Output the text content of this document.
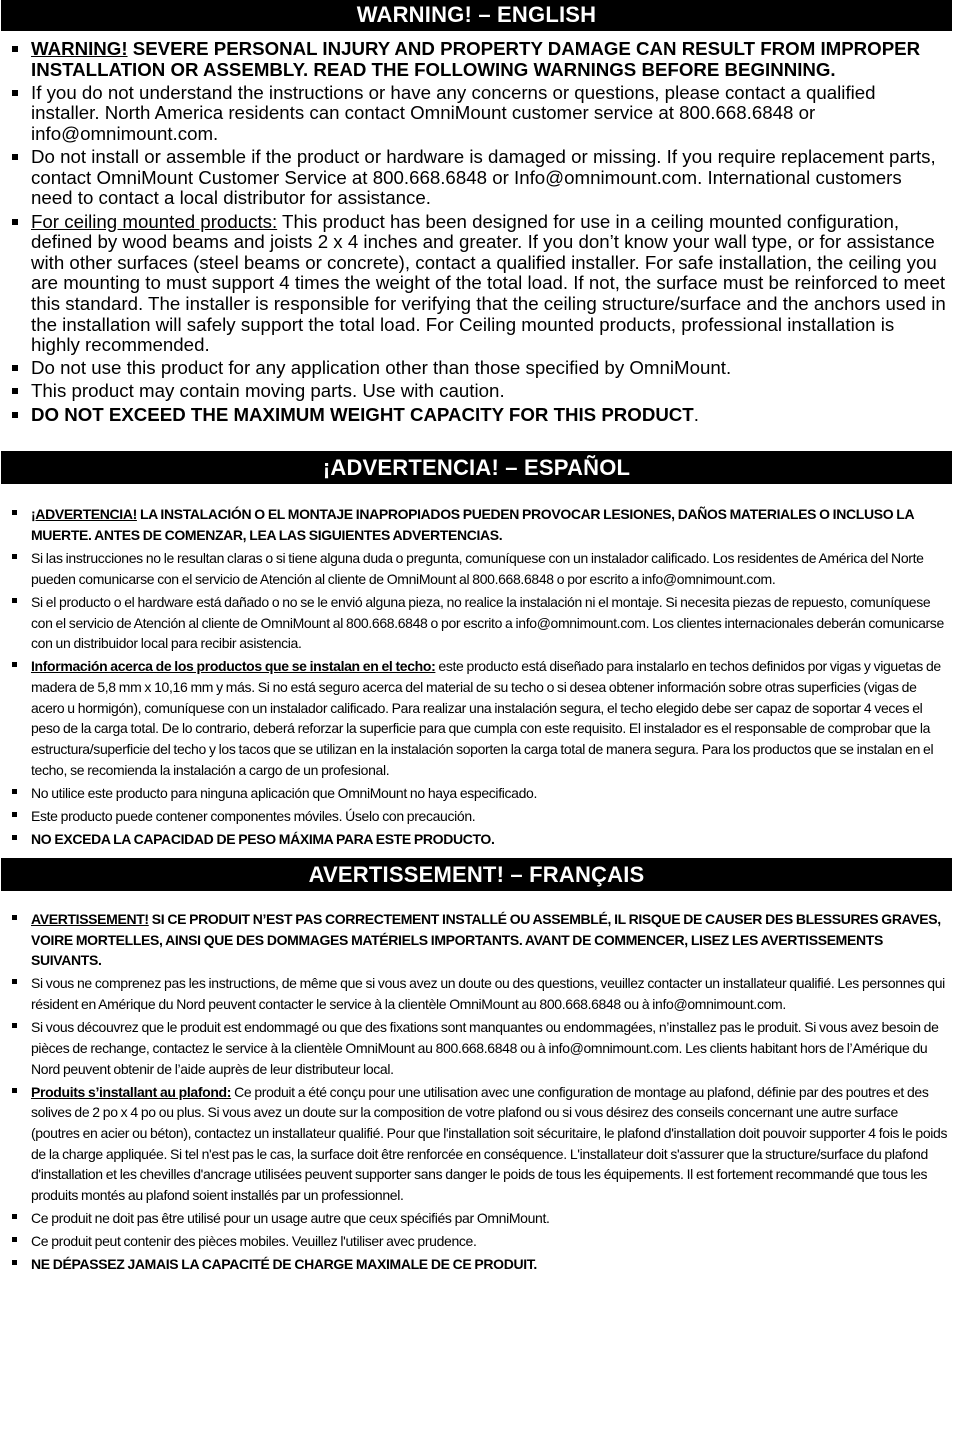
WARNING! – ENGLISH
WARNING! SEVERE PERSONAL INJURY AND PROPERTY DAMAGE CAN RESULT FROM IMPROPER INSTALLATION OR ASSEMBLY. READ THE FOLLOWING WARNINGS BEFORE BEGINNING.
If you do not understand the instructions or have any concerns or questions, please contact a qualified installer. North America residents can contact OmniMount customer service at 800.668.6848 or info@omnimount.com.
Do not install or assemble if the product or hardware is damaged or missing. If you require replacement parts, contact OmniMount Customer Service at 800.668.6848 or Info@omnimount.com. International customers need to contact a local distributor for assistance.
For ceiling mounted products: This product has been designed for use in a ceiling mounted configuration, defined by wood beams and joists 2 x 4 inches and greater. If you don’t know your wall type, or for assistance with other surfaces (steel beams or concrete), contact a qualified installer. For safe installation, the ceiling you are mounting to must support 4 times the weight of the total load. If not, the surface must be reinforced to meet this standard. The installer is responsible for verifying that the ceiling structure/surface and the anchors used in the installation will safely support the total load. For Ceiling mounted products, professional installation is highly recommended.
Do not use this product for any application other than those specified by OmniMount.
This product may contain moving parts. Use with caution.
DO NOT EXCEED THE MAXIMUM WEIGHT CAPACITY FOR THIS PRODUCT.
¡ADVERTENCIA! – ESPAÑOL
¡ADVERTENCIA! LA INSTALACIÓN O EL MONTAJE INAPROPIADOS PUEDEN PROVOCAR LESIONES, DAÑOS MATERIALES O INCLUSO LA MUERTE. ANTES DE COMENZAR, LEA LAS SIGUIENTES ADVERTENCIAS.
Si las instrucciones no le resultan claras o si tiene alguna duda o pregunta, comuníquese con un instalador calificado. Los residentes de América del Norte pueden comunicarse con el servicio de Atención al cliente de OmniMount al 800.668.6848 o por escrito a info@omnimount.com.
Si el producto o el hardware está dañado o no se le envió alguna pieza, no realice la instalación ni el montaje. Si necesita piezas de repuesto, comuníquese con el servicio de Atención al cliente de OmniMount al 800.668.6848 o por escrito a info@omnimount.com. Los clientes internacionales deberán comunicarse con un distribuidor local para recibir asistencia.
Información acerca de los productos que se instalan en el techo: este producto está diseñado para instalarlo en techos definidos por vigas y viguetas de madera de 5,8 mm x 10,16 mm y más. Si no está seguro acerca del material de su techo o si desea obtener información sobre otras superficies (vigas de acero u hormigón), comuníquese con un instalador calificado. Para realizar una instalación segura, el techo elegido debe ser capaz de soportar 4 veces el peso de la carga total. De lo contrario, deberá reforzar la superficie para que cumpla con este requisito. El instalador es el responsable de comprobar que la estructura/superficie del techo y los tacos que se utilizan en la instalación soporten la carga total de manera segura. Para los productos que se instalan en el techo, se recomienda la instalación a cargo de un profesional.
No utilice este producto para ninguna aplicación que OmniMount no haya especificado.
Este producto puede contener componentes móviles. Úselo con precaución.
NO EXCEDA LA CAPACIDAD DE PESO MÁXIMA PARA ESTE PRODUCTO.
AVERTISSEMENT! – FRANÇAIS
AVERTISSEMENT! SI CE PRODUIT N’EST PAS CORRECTEMENT INSTALLÉ OU ASSEMBLÉ, IL RISQUE DE CAUSER DES BLESSURES GRAVES, VOIRE MORTELLES, AINSI QUE DES DOMMAGES MATÉRIELS IMPORTANTS. AVANT DE COMMENCER, LISEZ LES AVERTISSEMENTS SUIVANTS.
Si vous ne comprenez pas les instructions, de même que si vous avez un doute ou des questions, veuillez contacter un installateur qualifié. Les personnes qui résident en Amérique du Nord peuvent contacter le service à la clientèle OmniMount au 800.668.6848 ou à info@omnimount.com.
Si vous découvrez que le produit est endommagé ou que des fixations sont manquantes ou endommagées, n’installez pas le produit. Si vous avez besoin de pièces de rechange, contactez le service à la clientèle OmniMount au 800.668.6848 ou à info@omnimount.com. Les clients habitant hors de l’Amérique du Nord peuvent obtenir de l’aide auprès de leur distributeur local.
Produits s’installant au plafond: Ce produit a été conçu pour une utilisation avec une configuration de montage au plafond, définie par des poutres et des solives de 2 po x 4 po ou plus. Si vous avez un doute sur la composition de votre plafond ou si vous désirez des conseils concernant une autre surface (poutres en acier ou béton), contactez un installateur qualifié. Pour que l'installation soit sécuritaire, le plafond d'installation doit pouvoir supporter 4 fois le poids de la charge appliquée. Si tel n'est pas le cas, la surface doit être renforcée en conséquence. L'installateur doit s'assurer que la structure/surface du plafond d'installation et les chevilles d'ancrage utilisées peuvent supporter sans danger le poids de tous les équipements. Il est fortement recommandé que tous les produits montés au plafond soient installés par un professionnel.
Ce produit ne doit pas être utilisé pour un usage autre que ceux spécifiés par OmniMount.
Ce produit peut contenir des pièces mobiles. Veuillez l'utiliser avec prudence.
NE DÉPASSEZ JAMAIS LA CAPACITÉ DE CHARGE MAXIMALE DE CE PRODUIT.
